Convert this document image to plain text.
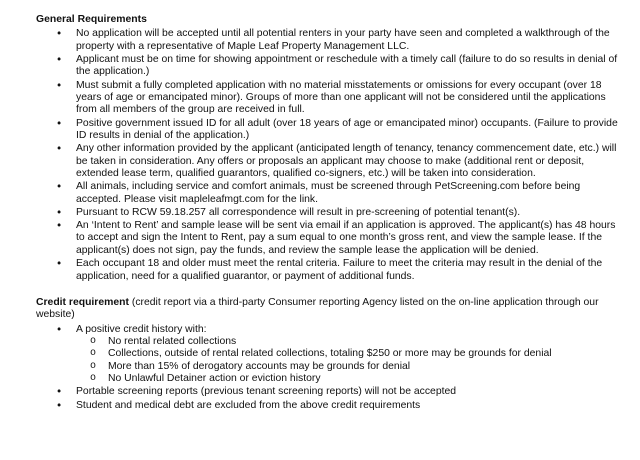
General Requirements
• No application will be accepted until all potential renters in your party have seen and completed a walkthrough of the property with a representative of Maple Leaf Property Management LLC.
• Applicant must be on time for showing appointment or reschedule with a timely call (failure to do so results in denial of the application.)
• Must submit a fully completed application with no material misstatements or omissions for every occupant (over 18 years of age or emancipated minor). Groups of more than one applicant will not be considered until the applications from all members of the group are received in full.
• Positive government issued ID for all adult (over 18 years of age or emancipated minor) occupants. (Failure to provide ID results in denial of the application.)
• Any other information provided by the applicant (anticipated length of tenancy, tenancy commencement date, etc.) will be taken in consideration. Any offers or proposals an applicant may choose to make (additional rent or deposit, extended lease term, qualified guarantors, qualified co-signers, etc.) will be taken into consideration.
• All animals, including service and comfort animals, must be screened through PetScreening.com before being accepted. Please visit mapleleafmgt.com for the link.
• Pursuant to RCW 59.18.257 all correspondence will result in pre-screening of potential tenant(s).
• An ‘Intent to Rent’ and sample lease will be sent via email if an application is approved. The applicant(s) has 48 hours to accept and sign the Intent to Rent, pay a sum equal to one month’s gross rent, and view the sample lease. If the applicant(s) does not sign, pay the funds, and review the sample lease the application will be denied.
• Each occupant 18 and older must meet the rental criteria. Failure to meet the criteria may result in the denial of the application, need for a qualified guarantor, or payment of additional funds.
Credit requirement (credit report via a third-party Consumer reporting Agency listed on the on-line application through our website)
• A positive credit history with:
o No rental related collections
o Collections, outside of rental related collections, totaling $250 or more may be grounds for denial
o More than 15% of derogatory accounts may be grounds for denial
o No Unlawful Detainer action or eviction history
• Portable screening reports (previous tenant screening reports) will not be accepted
• Student and medical debt are excluded from the above credit requirements
